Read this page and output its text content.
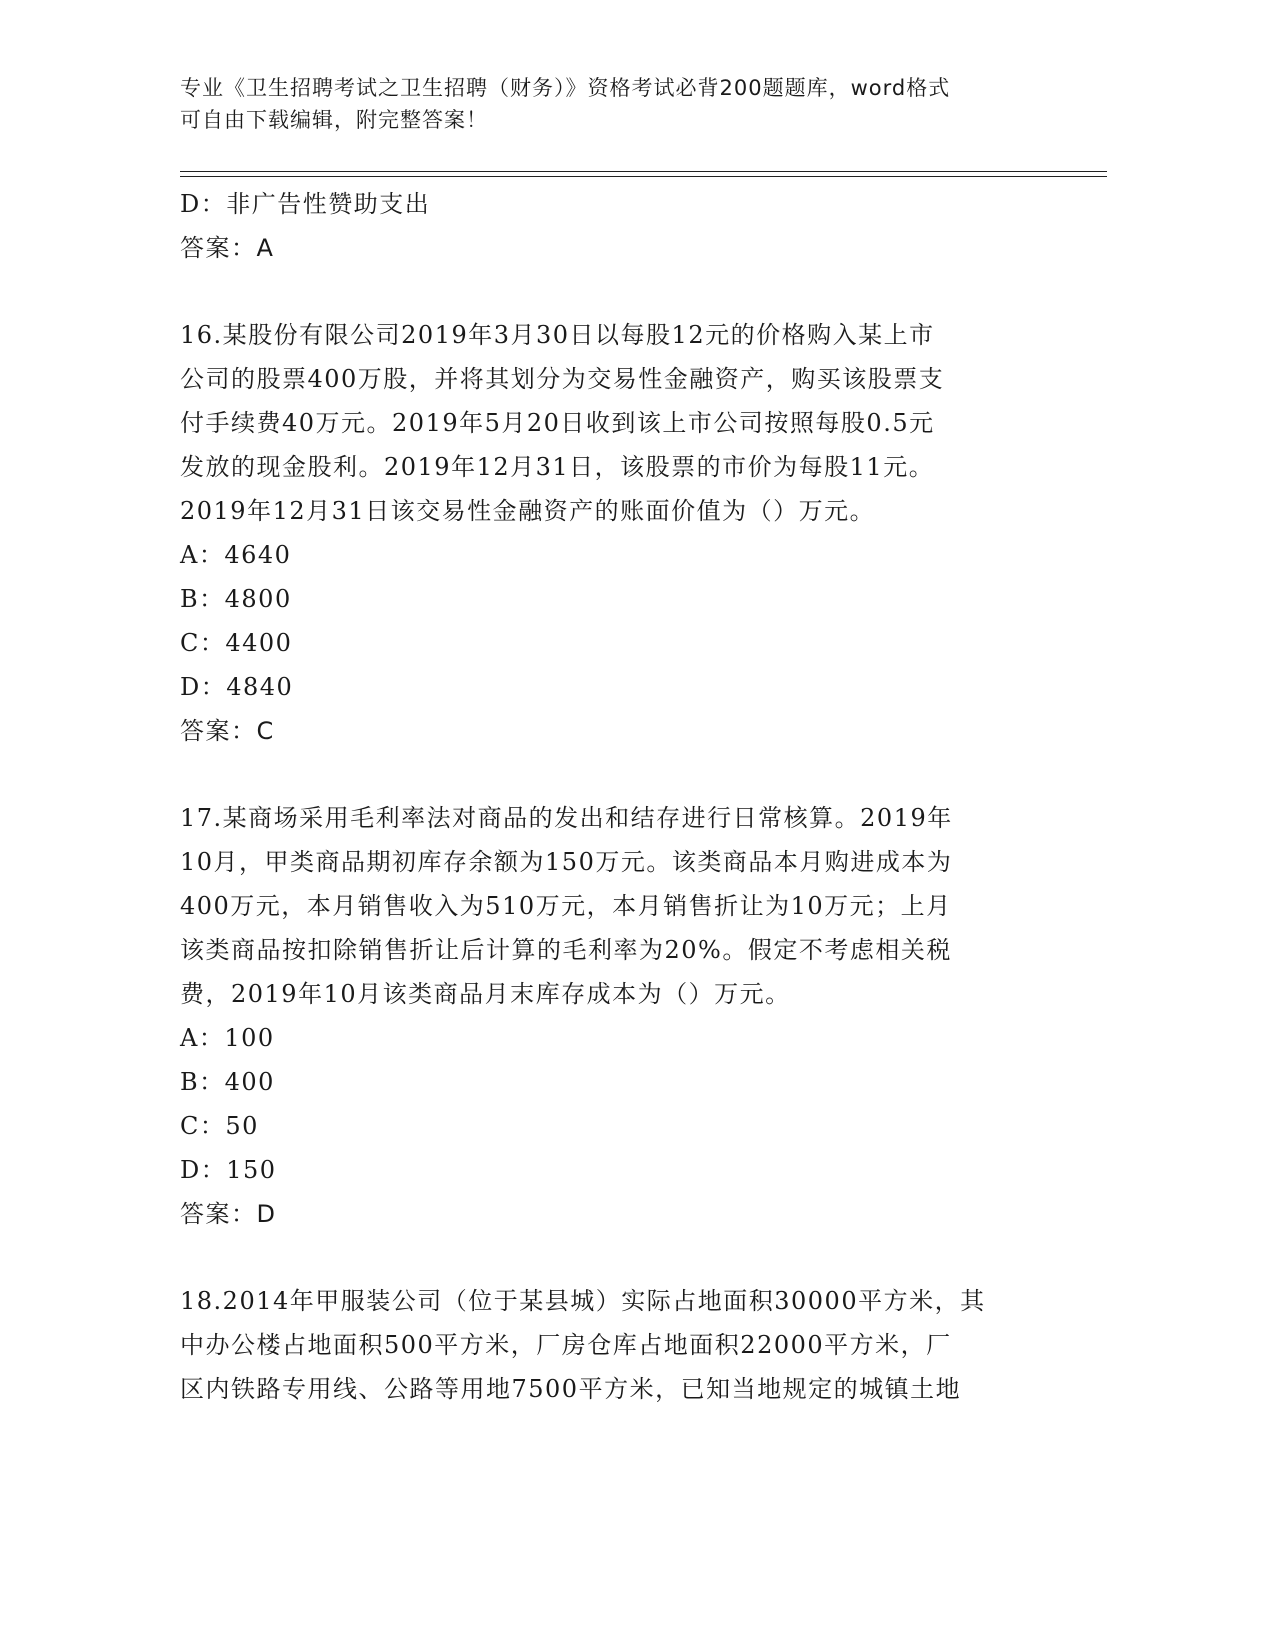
专业《卫生招聘考试之卫生招聘（财务）》资格考试必背200题题库，word格式
可自由下载编辑，附完整答案！
D：非广告性赞助支出
答案：A
16.某股份有限公司2019年3月30日以每股12元的价格购入某上市
公司的股票400万股，并将其划分为交易性金融资产，购买该股票支
付手续费40万元。2019年5月20日收到该上市公司按照每股0.5元
发放的现金股利。2019年12月31日，该股票的市价为每股11元。
2019年12月31日该交易性金融资产的账面价值为（）万元。
A：4640
B：4800
C：4400
D：4840
答案：C
17.某商场采用毛利率法对商品的发出和结存进行日常核算。2019年
10月，甲类商品期初库存余额为150万元。该类商品本月购进成本为
400万元，本月销售收入为510万元，本月销售折让为10万元；上月
该类商品按扣除销售折让后计算的毛利率为20%。假定不考虑相关税
费，2019年10月该类商品月末库存成本为（）万元。
A：100
B：400
C：50
D：150
答案：D
18.2014年甲服装公司（位于某县城）实际占地面积30000平方米，其
中办公楼占地面积500平方米，厂房仓库占地面积22000平方米，厂
区内铁路专用线、公路等用地7500平方米，已知当地规定的城镇土地
